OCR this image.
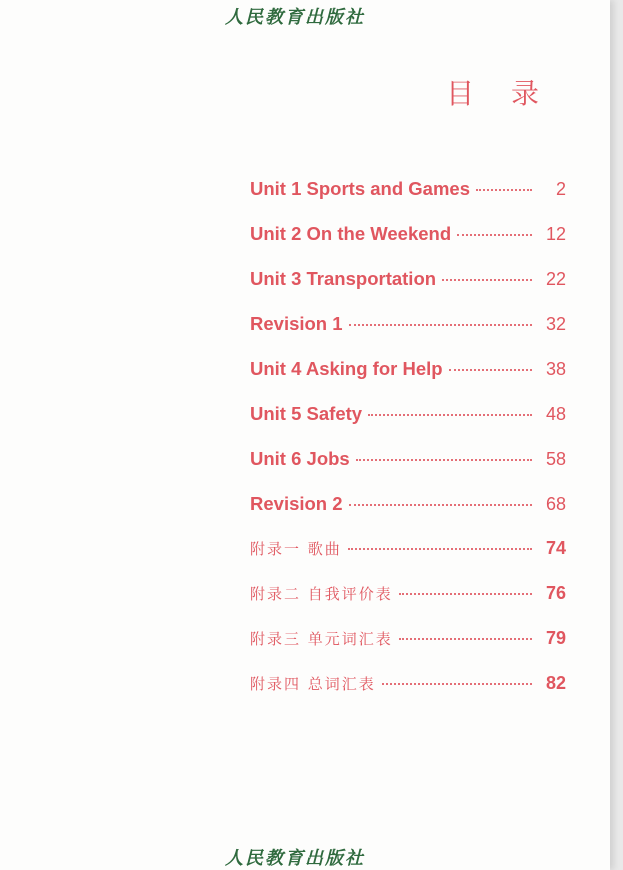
人民教育出版社
目 录
Unit 1 Sports and Games	2
Unit 2 On the Weekend	12
Unit 3 Transportation	22
Revision 1	32
Unit 4 Asking for Help	38
Unit 5 Safety	48
Unit 6 Jobs	58
Revision 2	68
附录一 歌曲	74
附录二 自我评价表	76
附录三 单元词汇表	79
附录四 总词汇表	82
人民教育出版社
